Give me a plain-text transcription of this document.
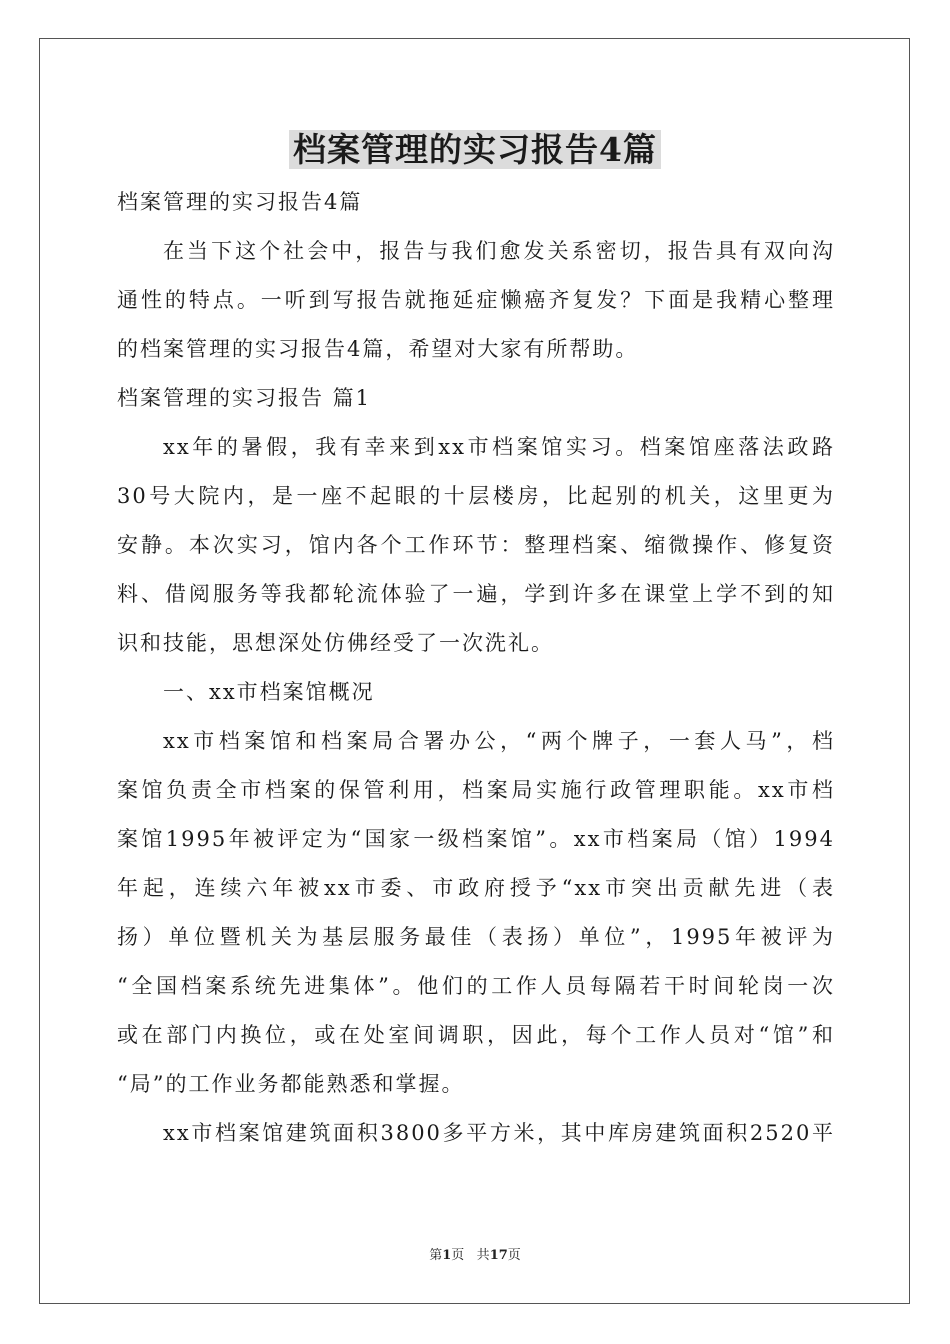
档案管理的实习报告4篇
档案管理的实习报告4篇
在当下这个社会中，报告与我们愈发关系密切，报告具有双向沟
通性的特点。一听到写报告就拖延症懒癌齐复发？下面是我精心整理
的档案管理的实习报告4篇，希望对大家有所帮助。
档案管理的实习报告 篇1
xx年的暑假，我有幸来到xx市档案馆实习。档案馆座落法政路
30号大院内，是一座不起眼的十层楼房，比起别的机关，这里更为
安静。本次实习，馆内各个工作环节：整理档案、缩微操作、修复资
料、借阅服务等我都轮流体验了一遍，学到许多在课堂上学不到的知
识和技能，思想深处仿佛经受了一次洗礼。
一、xx市档案馆概况
xx市档案馆和档案局合署办公，“两个牌子，一套人马”，档
案馆负责全市档案的保管利用，档案局实施行政管理职能。xx市档
案馆1995年被评定为“国家一级档案馆”。xx市档案局（馆）1994
年起，连续六年被xx市委、市政府授予“xx市突出贡献先进（表
扬）单位暨机关为基层服务最佳（表扬）单位”，1995年被评为
“全国档案系统先进集体”。他们的工作人员每隔若干时间轮岗一次
或在部门内换位，或在处室间调职，因此，每个工作人员对“馆”和
“局”的工作业务都能熟悉和掌握。
xx市档案馆建筑面积3800多平方米，其中库房建筑面积2520平
第1页 共17页
